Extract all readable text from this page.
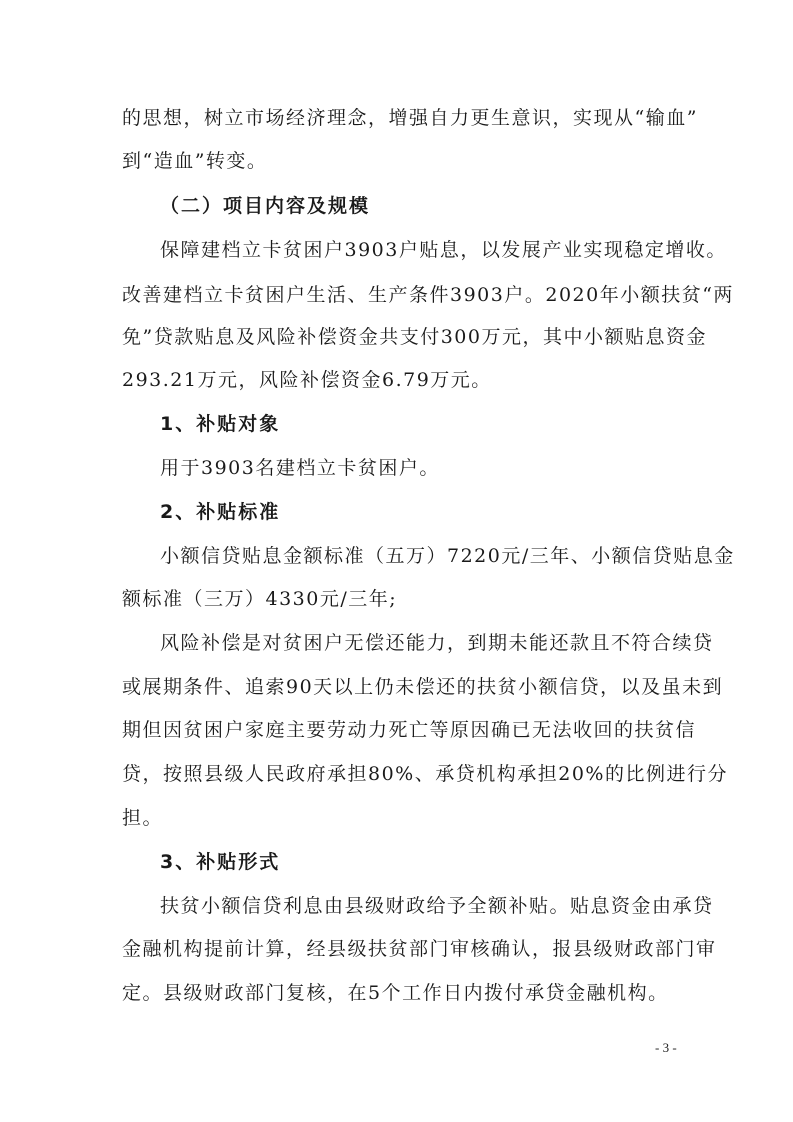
的思想，树立市场经济理念，增强自力更生意识，实现从“输血”
到“造血”转变。
（二）项目内容及规模
保障建档立卡贫困户3903户贴息，以发展产业实现稳定增收。
改善建档立卡贫困户生活、生产条件3903户。2020年小额扶贫“两
免”贷款贴息及风险补偿资金共支付300万元，其中小额贴息资金
293.21万元，风险补偿资金6.79万元。
1、补贴对象
用于3903名建档立卡贫困户。
2、补贴标准
小额信贷贴息金额标准（五万）7220元/三年、小额信贷贴息金
额标准（三万）4330元/三年;
风险补偿是对贫困户无偿还能力，到期未能还款且不符合续贷
或展期条件、追索90天以上仍未偿还的扶贫小额信贷，以及虽未到
期但因贫困户家庭主要劳动力死亡等原因确已无法收回的扶贫信
贷，按照县级人民政府承担80%、承贷机构承担20%的比例进行分
担。
3、补贴形式
扶贫小额信贷利息由县级财政给予全额补贴。贴息资金由承贷
金融机构提前计算，经县级扶贫部门审核确认，报县级财政部门审
定。县级财政部门复核，在5个工作日内拨付承贷金融机构。
- 3 -
